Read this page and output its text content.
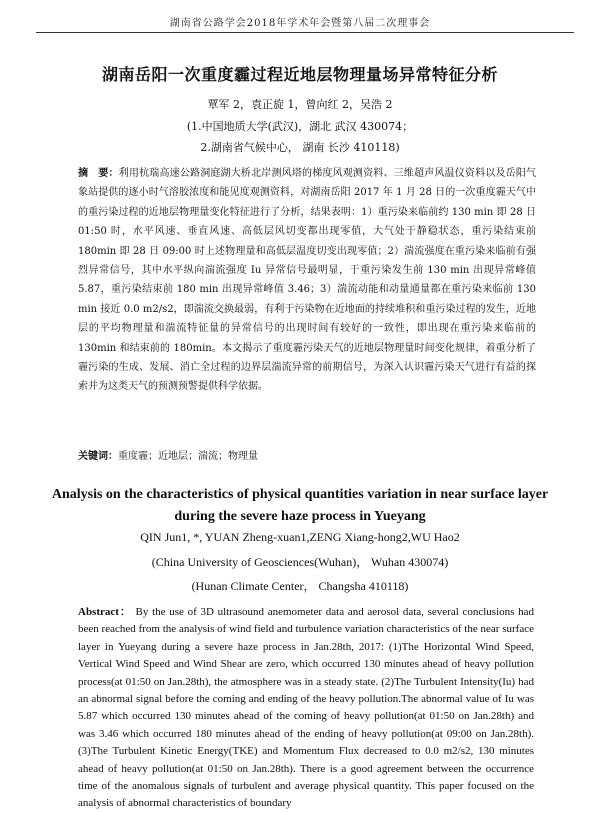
湖南省公路学会2018年学术年会暨第八届二次理事会
湖南岳阳一次重度霾过程近地层物理量场异常特征分析
覃军 2，袁正旋 1，曾向红 2，吴浩 2
(1.中国地质大学(武汉)，湖北 武汉 430074；
2.湖南省气候中心， 湖南 长沙 410118)

摘　要：利用杭瑞高速公路洞庭湖大桥北岸测风塔的梯度风观测资料、三维超声风温仪资料以及岳阳气象站提供的逐小时气溶胶浓度和能见度观测资料，对湖南岳阳 2017 年 1 月 28 日的一次重度霾天气中的重污染过程的近地层物理量变化特征进行了分析，结果表明：1）重污染来临前约 130 min 即 28 日 01:50 时，水平风速、垂直风速、高低层风切变都出现零值，大气处于静稳状态，重污染结束前 180min 即 28 日 09:00 时上述物理量和高低层温度切变出现零值；2）湍流强度在重污染来临前有强烈异常信号，其中水平纵向湍流强度 Iu 异常信号最明显，于重污染发生前 130 min 出现异常峰值 5.87，重污染结束前 180 min 出现异常峰值 3.46；3）湍流动能和动量通量都在重污染来临前 130 min 接近 0.0 m2/s2，即湍流交换最弱，有利于污染物在近地面的持续堆积和重污染过程的发生，近地层的平均物理量和湍流特征量的异常信号的出现时间有较好的一致性，即出现在重污染来临前的 130min 和结束前的 180min。本文揭示了重度霾污染天气的近地层物理量时间变化规律，着重分析了霾污染的生成、发展、消亡全过程的边界层湍流异常的前期信号，为深入认识霾污染天气进行有益的探索并为这类天气的预测预警提供科学依据。

关键词：重度霾；近地层；湍流；物理量
Analysis on the characteristics of physical quantities variation in near surface layer during the severe haze process in Yueyang
QIN Jun1, *, YUAN Zheng-xuan1,ZENG Xiang-hong2,WU Hao2
(China University of Geosciences(Wuhan)， Wuhan 430074)
(Hunan Climate Center， Changsha 410118)

Abstract： By the use of 3D ultrasound anemometer data and aerosol data, several conclusions had been reached from the analysis of wind field and turbulence variation characteristics of the near surface layer in Yueyang during a severe haze process in Jan.28th, 2017: (1)The Horizontal Wind Speed, Vertical Wind Speed and Wind Shear are zero, which occurred 130 minutes ahead of heavy pollution process(at 01:50 on Jan.28th), the atmosphere was in a steady state. (2)The Turbulent Intensity(Iu) had an abnormal signal before the coming and ending of the heavy pollution.The abnormal value of Iu was 5.87 which occurred 130 minutes ahead of the coming of heavy pollution(at 01:50 on Jan.28th) and was 3.46 which occurred 180 minutes ahead of the ending of heavy pollution(at 09:00 on Jan.28th). (3)The Turbulent Kinetic Energy(TKE) and Momentum Flux decreased to 0.0 m2/s2, 130 minutes ahead of heavy pollution(at 01:50 on Jan.28th). There is a good agreement between the occurrence time of the anomalous signals of turbulent and average physical quantity. This paper focused on the analysis of abnormal characteristics of boundary
